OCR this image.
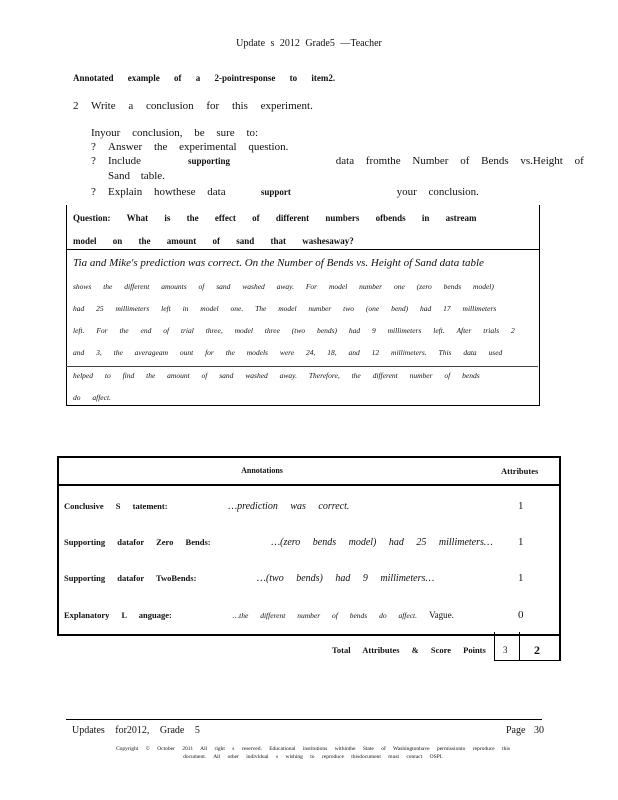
Update s 2012 Grade5 —Teacher
Annotated example of a 2-pointresponse to item2.
2 Write a conclusion for this experiment.
Inyour conclusion, be sure to:
? Answer the experimental question.
? Include	supporting	data fromthe Number of Bends vs.Height of
Sand table.
? Explain howthese data	support	your conclusion.
Question: What is the effect of different numbers ofbends in astream
model on the amount of sand that washesaway?
Tia and Mike's prediction was correct. On the Number of Bends vs. Height of Sand data table
shows the different amounts of sand washed away. For model number one (zero bends model)
had 25 millimeters left in model one. The model number two (one bend) had 17 millimeters
left. For the end of trial three, model three (two bends) had 9 millimeters left. After trials 2
and 3, the averageam ount for the models were 24, 18, and 12 millimeters. This data used
helped to find the amount of sand washed away. Therefore, the different number of bends
do affect.
Annotations	Attributes
Conclusive S tatement:	…prediction was correct.	1
Supporting datafor Zero Bends:	…(zero bends model) had 25 millimeters… 1
Supporting datafor TwoBends:	…(two bends) had 9 millimeters…	1
Explanatory L anguage:	…the different number of bends do affect. Vague.	0
Total Attributes & Score Points 3 2
Updates for2012, Grade 5	Page 30
Copyright © October 2011 All right s reserved. Educational institutions withinthe State of Washingtonhave permissionto reproduce this
document. All other individual s wishing to reproduce thisdocument must contact OSPI.
